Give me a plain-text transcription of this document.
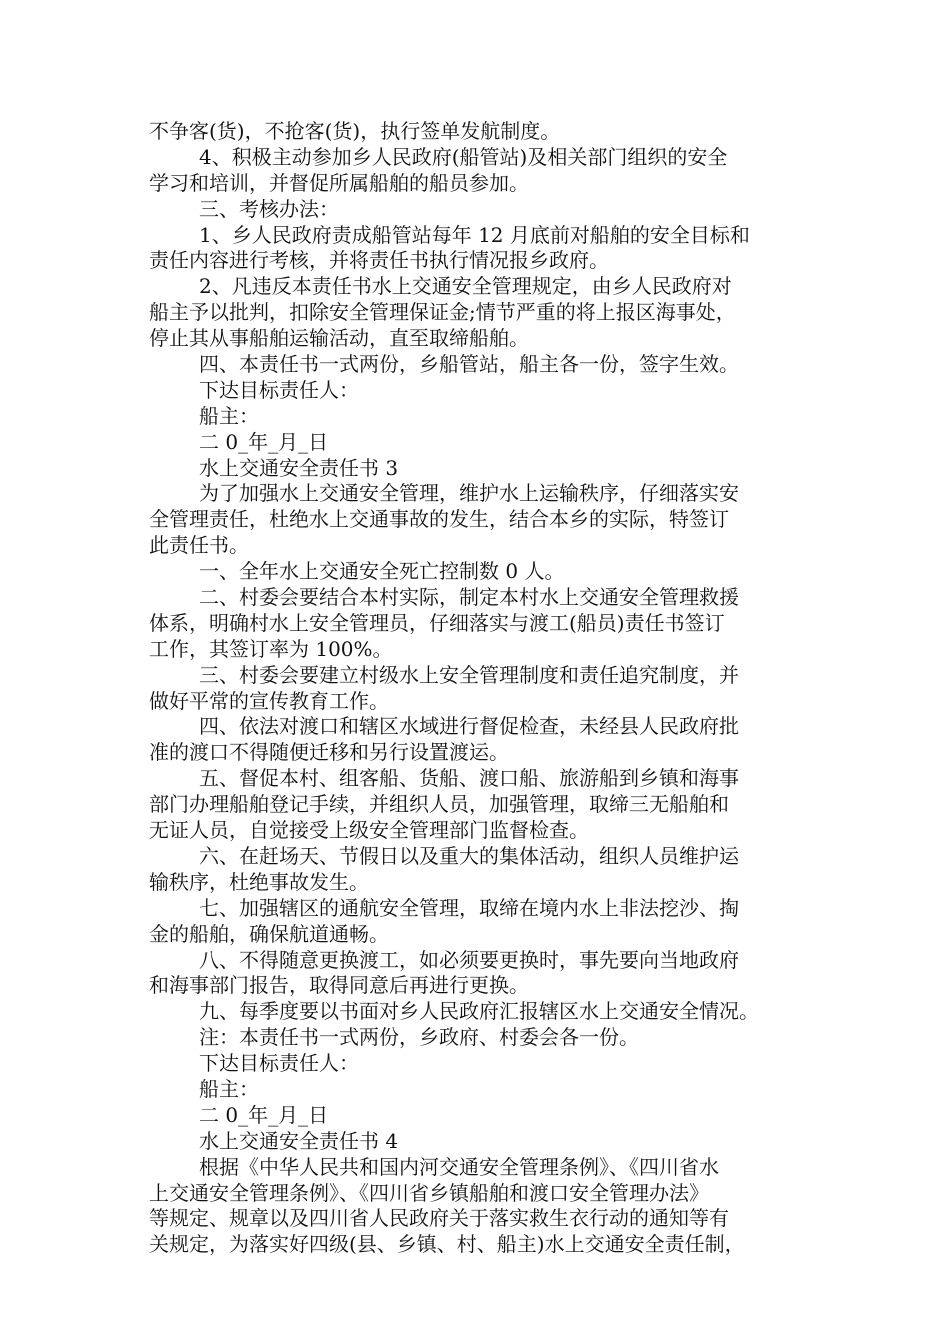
不争客(货)，不抢客(货)，执行签单发航制度。
4、积极主动参加乡人民政府(船管站)及相关部门组织的安全
学习和培训，并督促所属船舶的船员参加。
三、考核办法：
1、乡人民政府责成船管站每年 12 月底前对船舶的安全目标和
责任内容进行考核，并将责任书执行情况报乡政府。
2、凡违反本责任书水上交通安全管理规定，由乡人民政府对
船主予以批判，扣除安全管理保证金;情节严重的将上报区海事处，
停止其从事船舶运输活动，直至取缔船舶。
四、本责任书一式两份，乡船管站，船主各一份，签字生效。
下达目标责任人：
船主：
二 0_年_月_日
水上交通安全责任书 3
为了加强水上交通安全管理，维护水上运输秩序，仔细落实安
全管理责任，杜绝水上交通事故的发生，结合本乡的实际，特签订
此责任书。
一、全年水上交通安全死亡控制数 0 人。
二、村委会要结合本村实际，制定本村水上交通安全管理救援
体系，明确村水上安全管理员，仔细落实与渡工(船员)责任书签订
工作，其签订率为 100%。
三、村委会要建立村级水上安全管理制度和责任追究制度，并
做好平常的宣传教育工作。
四、依法对渡口和辖区水域进行督促检查，未经县人民政府批
准的渡口不得随便迁移和另行设置渡运。
五、督促本村、组客船、货船、渡口船、旅游船到乡镇和海事
部门办理船舶登记手续，并组织人员，加强管理，取缔三无船舶和
无证人员，自觉接受上级安全管理部门监督检查。
六、在赶场天、节假日以及重大的集体活动，组织人员维护运
输秩序，杜绝事故发生。
七、加强辖区的通航安全管理，取缔在境内水上非法挖沙、掏
金的船舶，确保航道通畅。
八、不得随意更换渡工，如必须要更换时，事先要向当地政府
和海事部门报告，取得同意后再进行更换。
九、每季度要以书面对乡人民政府汇报辖区水上交通安全情况。
注：本责任书一式两份，乡政府、村委会各一份。
下达目标责任人：
船主：
二 0_年_月_日
水上交通安全责任书 4
根据《中华人民共和国内河交通安全管理条例》、《四川省水
上交通安全管理条例》、《四川省乡镇船舶和渡口安全管理办法》
等规定、规章以及四川省人民政府关于落实救生衣行动的通知等有
关规定，为落实好四级(县、乡镇、村、船主)水上交通安全责任制，
